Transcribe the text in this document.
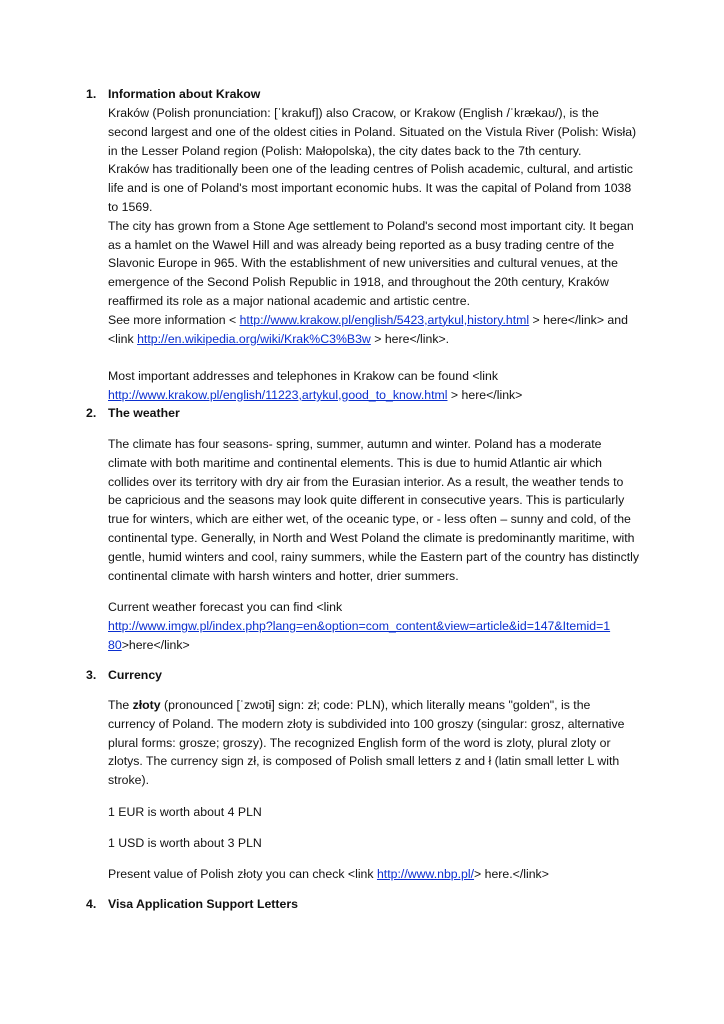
1. Information about Krakow

Kraków (Polish pronunciation: [ˈkrakuf]) also Cracow, or Krakow (English /ˈkrækaʊ/), is the second largest and one of the oldest cities in Poland. Situated on the Vistula River (Polish: Wisła) in the Lesser Poland region (Polish: Małopolska), the city dates back to the 7th century.

Kraków has traditionally been one of the leading centres of Polish academic, cultural, and artistic life and is one of Poland's most important economic hubs. It was the capital of Poland from 1038 to 1569.

The city has grown from a Stone Age settlement to Poland's second most important city. It began as a hamlet on the Wawel Hill and was already being reported as a busy trading centre of the Slavonic Europe in 965. With the establishment of new universities and cultural venues, at the emergence of the Second Polish Republic in 1918, and throughout the 20th century, Kraków reaffirmed its role as a major national academic and artistic centre.

See more information < http://www.krakow.pl/english/5423,artykul,history.html > here</link> and <link http://en.wikipedia.org/wiki/Krak%C3%B3w > here</link>.

Most important addresses and telephones in Krakow can be found <link http://www.krakow.pl/english/11223,artykul,good_to_know.html > here</link>

2. The weather
The climate has four seasons- spring, summer, autumn and winter. Poland has a moderate climate with both maritime and continental elements. This is due to humid Atlantic air which collides over its territory with dry air from the Eurasian interior. As a result, the weather tends to be capricious and the seasons may look quite different in consecutive years. This is particularly true for winters, which are either wet, of the oceanic type, or - less often – sunny and cold, of the continental type. Generally, in North and West Poland the climate is predominantly maritime, with gentle, humid winters and cool, rainy summers, while the Eastern part of the country has distinctly continental climate with harsh winters and hotter, drier summers.

Current weather forecast you can find <link

http://www.imgw.pl/index.php?lang=en&option=com_content&view=article&id=147&Itemid=1
80>here</link>

3. Currency

The złoty (pronounced [ˈzwɔtɨ] sign: zł; code: PLN), which literally means "golden", is the currency of Poland. The modern złoty is subdivided into 100 groszy (singular: grosz, alternative plural forms: grosze; groszy). The recognized English form of the word is zloty, plural zloty or zlotys. The currency sign zł, is composed of Polish small letters z and ł (latin small letter L with stroke).

1 EUR is worth about 4 PLN
1 USD is worth about 3 PLN

Present value of Polish złoty you can check <link http://www.nbp.pl/> here.</link>

4. Visa Application Support Letters
